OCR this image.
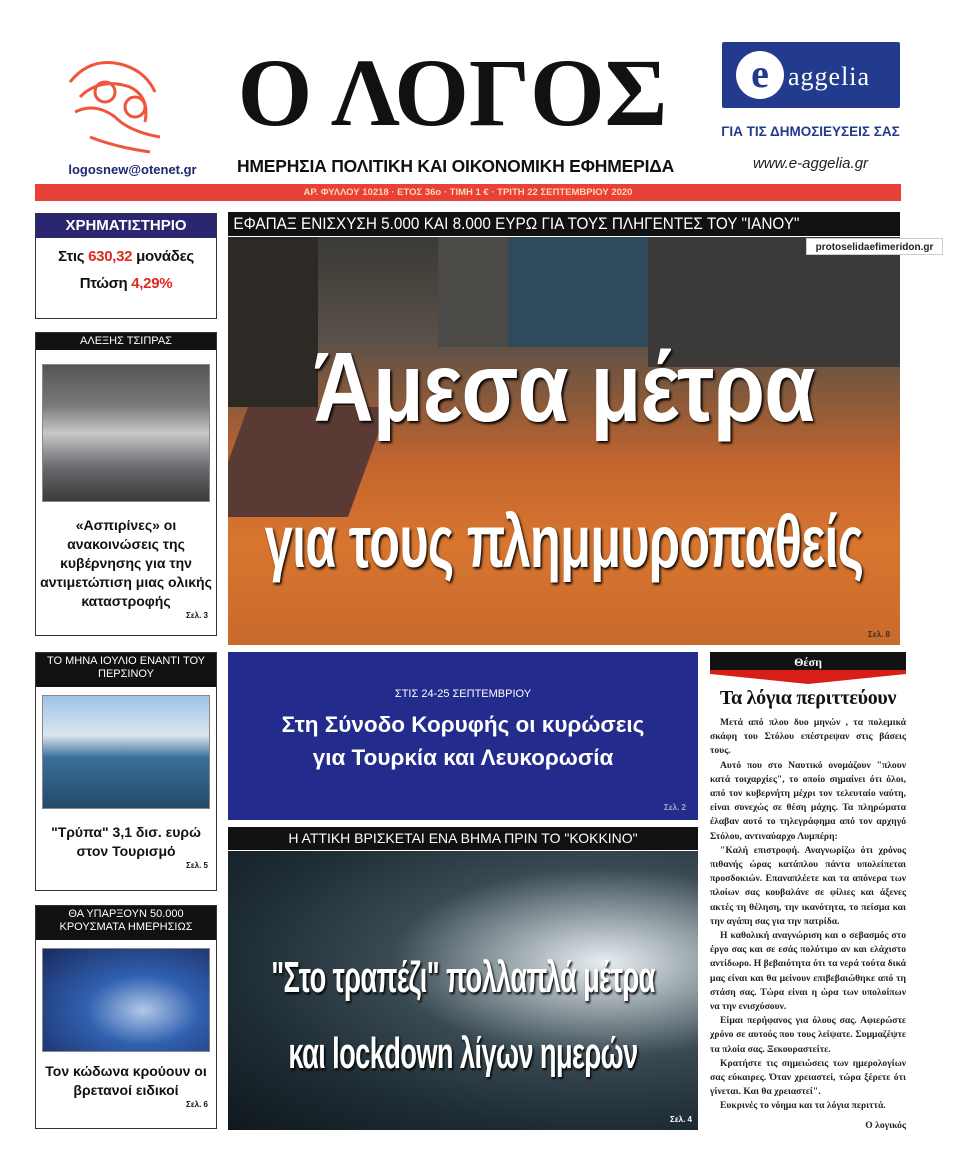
logosnew@otenet.gr
Ο ΛΟΓΟΣ
ΗΜΕΡΗΣΙΑ ΠΟΛΙΤΙΚΗ ΚΑΙ ΟΙΚΟΝΟΜΙΚΗ ΕΦΗΜΕΡΙΔΑ
e aggelia
ΓΙΑ ΤΙΣ ΔΗΜΟΣΙΕΥΣΕΙΣ ΣΑΣ
www.e-aggelia.gr
ΑΡ. ΦΥΛΛΟΥ 10218 · ΕΤΟΣ 36ο · ΤΙΜΗ 1 € · ΤΡΙΤΗ 22 ΣΕΠΤΕΜΒΡΙΟΥ 2020
ΧΡΗΜΑΤΙΣΤΗΡΙΟ
Στις 630,32 μονάδες
Πτώση 4,29%
ΑΛΕΞΗΣ ΤΣΙΠΡΑΣ
«Ασπιρίνες» οι ανακοινώσεις της κυβέρνησης για την αντιμετώπιση μιας ολικής καταστροφής
Σελ. 3
ΤΟ ΜΗΝΑ ΙΟΥΛΙΟ ΕΝΑΝΤΙ ΤΟΥ ΠΕΡΣΙΝΟΥ
"Τρύπα" 3,1 δισ. ευρώ στον Τουρισμό
Σελ. 5
ΘΑ ΥΠΑΡΞΟΥΝ 50.000 ΚΡΟΥΣΜΑΤΑ ΗΜΕΡΗΣΙΩΣ
Τον κώδωνα κρούουν οι βρετανοί ειδικοί
Σελ. 6
ΕΦΑΠΑΞ ΕΝΙΣΧΥΣΗ 5.000 ΚΑΙ 8.000 ΕΥΡΩ ΓΙΑ ΤΟΥΣ ΠΛΗΓΕΝΤΕΣ ΤΟΥ "ΙΑΝΟΥ"
Άμεσα μέτρα
για τους πλημμυροπαθείς
Σελ. 8
protoselidaefimeridon.gr
ΣΤΙΣ 24-25 ΣΕΠΤΕΜΒΡΙΟΥ
Στη Σύνοδο Κορυφής οι κυρώσεις
για Τουρκία και Λευκορωσία
Σελ. 2
Η ΑΤΤΙΚΗ ΒΡΙΣΚΕΤΑΙ ΕΝΑ ΒΗΜΑ ΠΡΙΝ ΤΟ "ΚΟΚΚΙΝΟ"
"Στο τραπέζι" πολλαπλά μέτρα
και lockdown λίγων ημερών
Σελ. 4
Θέση
Τα λόγια περιττεύουν

Μετά από πλου δυο μηνών , τα πολεμικά σκάφη του Στόλου επέστρεψαν στις βάσεις τους.

Αυτό που στο Ναυτικό ονομάζουν "πλουν κατά τοιχαρχίες", το οποίο σημαίνει ότι όλοι, από τον κυβερνήτη μέχρι τον τελευταίο ναύτη, είναι συνεχώς σε θέση μάχης. Τα πληρώματα έλαβαν αυτό το τηλεγράφημα από τον αρχηγό Στόλου, αντιναύαρχο Λυμπέρη:

"Καλή επιστροφή. Αναγνωρίζω ότι χρόνος πιθανής ώρας κατάπλου πάντα υπολείπεται προσδοκιών. Επαναπλέετε και τα απόνερα των πλοίων σας κουβαλάνε σε φίλιες και άξενες ακτές τη θέληση, την ικανότητα, το πείσμα και την αγάπη σας για την πατρίδα.

Η καθολική αναγνώριση και ο σεβασμός στο έργο σας και σε εσάς πολύτιμο αν και ελάχιστο αντίδωρο. Η βεβαιότητα ότι τα νερά τούτα δικά μας είναι και θα μείνουν επιβεβαιώθηκε από τη στάση σας. Τώρα είναι η ώρα των υπολοίπων να την ενισχύσουν.

Είμαι περήφανος για όλους σας. Αφιερώστε χρόνο σε αυτούς που τους λείψατε. Συμμαζέψτε τα πλοία σας. Ξεκουραστείτε.

Κρατήστε τις σημειώσεις των ημερολογίων σας εύκαιρες. Όταν χρειαστεί, τώρα ξέρετε ότι γίνεται. Και θα χρειαστεί".

Ευκρινές το νόημα και τα λόγια περιττά.

Ο λογικός
